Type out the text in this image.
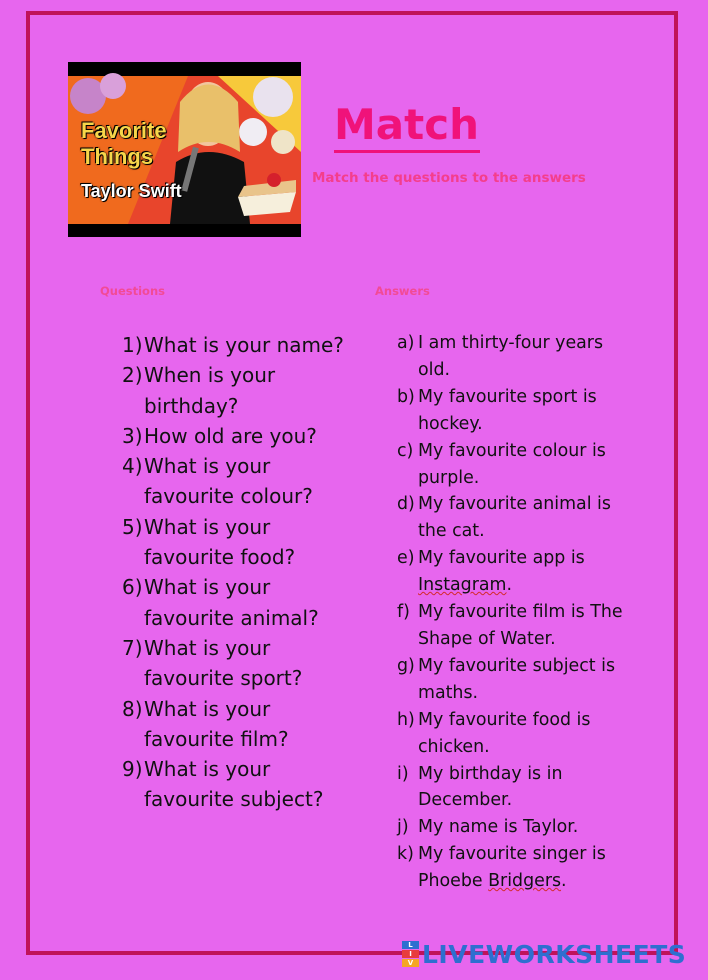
Favorite
Things
Taylor Swift
Match
Match the questions to the answers
Questions	Answers
1) What is your name?
2) When is your birthday?
3) How old are you?
4) What is your favourite colour?
5) What is your favourite food?
6) What is your favourite animal?
7) What is your favourite sport?
8) What is your favourite film?
9) What is your favourite subject?
a) I am thirty-four years old.
b) My favourite sport is hockey.
c) My favourite colour is purple.
d) My favourite animal is the cat.
e) My favourite app is Instagram.
f) My favourite film is The Shape of Water.
g) My favourite subject is maths.
h) My favourite food is chicken.
i) My birthday is in December.
j) My name is Taylor.
k) My favourite singer is Phoebe Bridgers.
L
I
V LIVEWORKSHEETS
